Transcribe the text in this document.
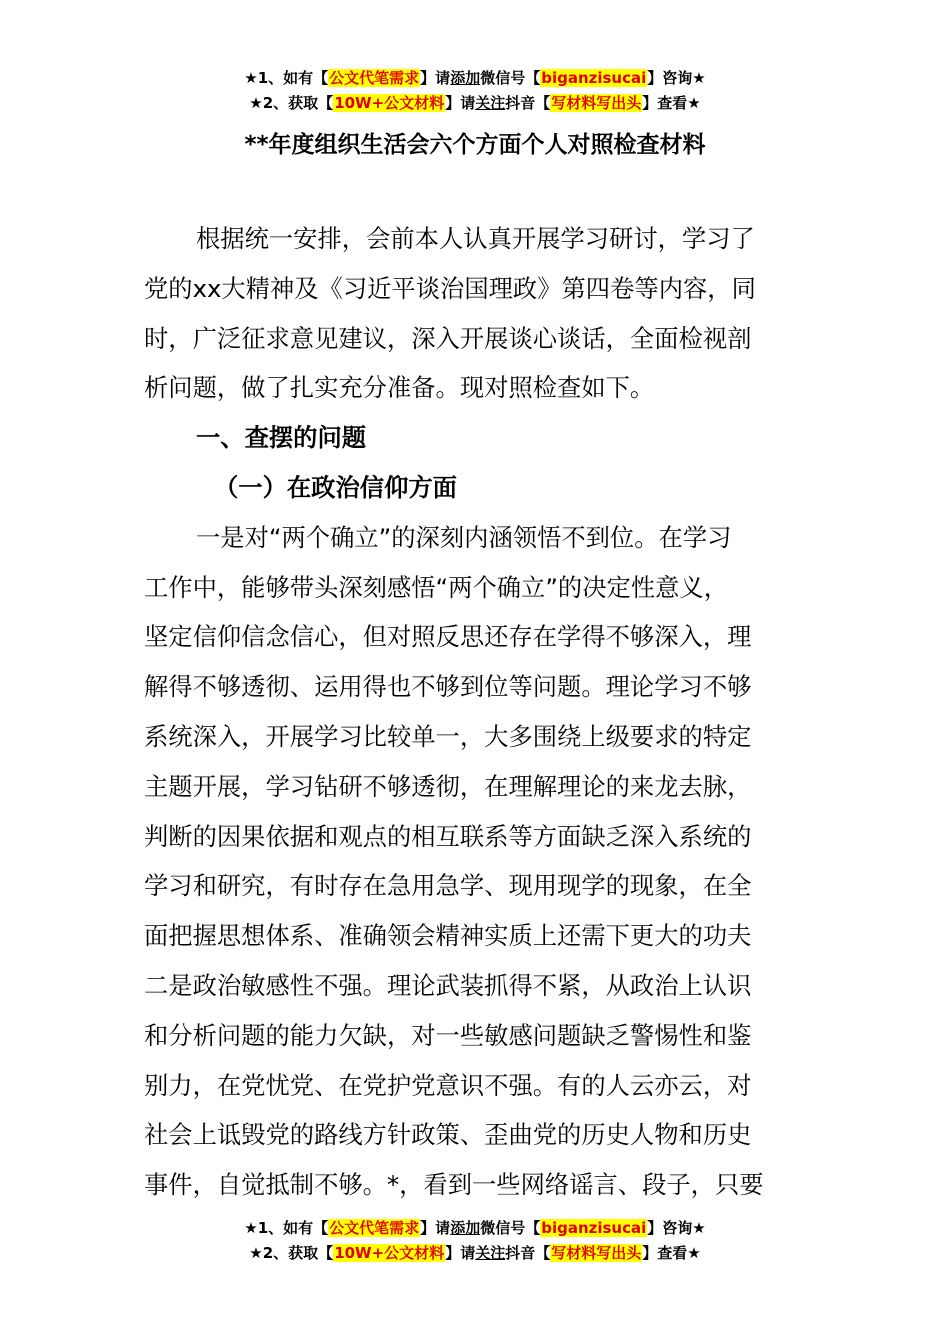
★1、如有【公文代笔需求】请添加微信号【biganzisucai】咨询★
★2、获取【10W+公文材料】请关注抖音【写材料写出头】查看★
**年度组织生活会六个方面个人对照检查材料
根据统一安排，会前本人认真开展学习研讨，学习了
党的xx大精神及《习近平谈治国理政》第四卷等内容，同
时，广泛征求意见建议，深入开展谈心谈话，全面检视剖
析问题，做了扎实充分准备。现对照检查如下。
一、查摆的问题
（一）在政治信仰方面
一是对“两个确立”的深刻内涵领悟不到位。在学习
工作中，能够带头深刻感悟“两个确立”的决定性意义，
坚定信仰信念信心，但对照反思还存在学得不够深入，理
解得不够透彻、运用得也不够到位等问题。理论学习不够
系统深入，开展学习比较单一，大多围绕上级要求的特定
主题开展，学习钻研不够透彻，在理解理论的来龙去脉，
判断的因果依据和观点的相互联系等方面缺乏深入系统的
学习和研究，有时存在急用急学、现用现学的现象，在全
面把握思想体系、准确领会精神实质上还需下更大的功夫
二是政治敏感性不强。理论武装抓得不紧，从政治上认识
和分析问题的能力欠缺，对一些敏感问题缺乏警惕性和鉴
别力，在党忧党、在党护党意识不强。有的人云亦云，对
社会上诋毁党的路线方针政策、歪曲党的历史人物和历史
事件，自觉抵制不够。*，看到一些网络谣言、段子，只要
★1、如有【公文代笔需求】请添加微信号【biganzisucai】咨询★
★2、获取【10W+公文材料】请关注抖音【写材料写出头】查看★
